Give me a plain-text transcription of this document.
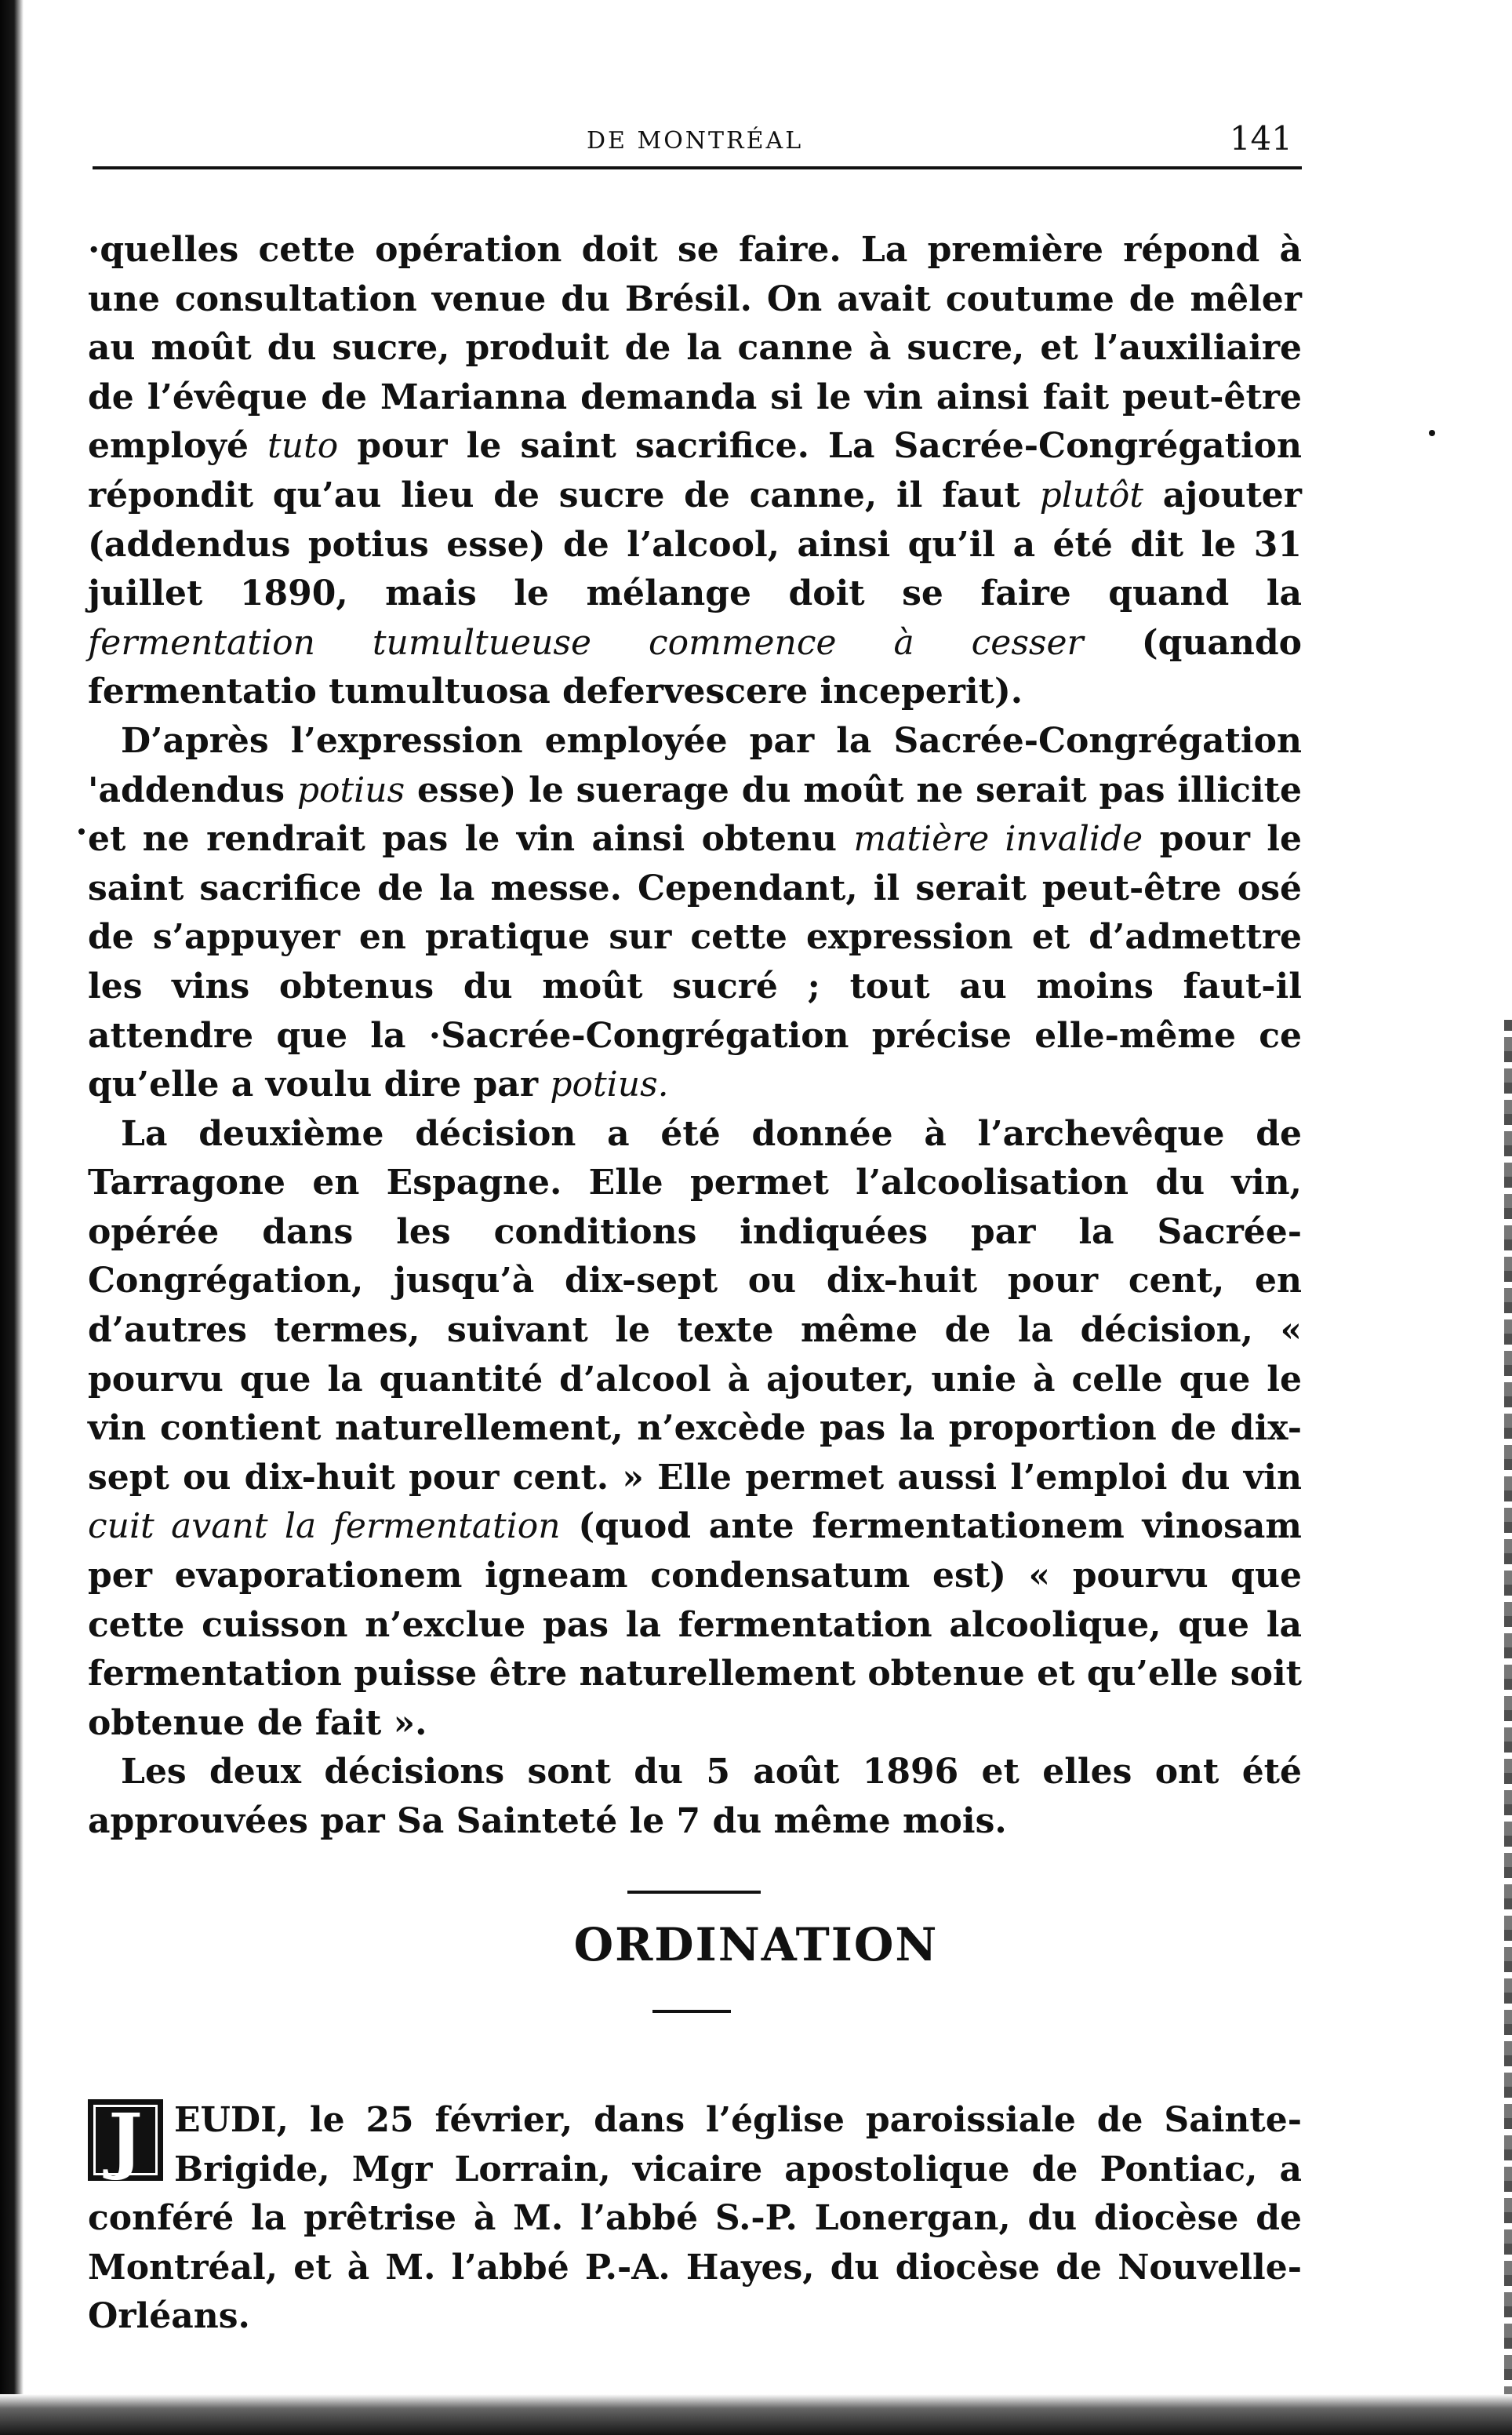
DE MONTRÉAL	141

·quelles cette opération doit se faire. La première répond à une consultation venue du Brésil. On avait coutume de mêler au moût du sucre, produit de la canne à sucre, et l’auxiliaire de l’évêque de Marianna demanda si le vin ainsi fait peut-être employé tuto pour le saint sacrifice. La Sacrée-Congrégation répondit qu’au lieu de sucre de canne, il faut plutôt ajouter (addendus potius esse) de l’alcool, ainsi qu’il a été dit le 31 juillet 1890, mais le mélange doit se faire quand la fermentation tumultueuse commence à cesser (quando fermentatio tumultuosa defervescere inceperit).

D’après l’expression employée par la Sacrée-Congrégation 'addendus potius esse) le suerage du moût ne serait pas illicite et ne rendrait pas le vin ainsi obtenu matière invalide pour le saint sacrifice de la messe. Cependant, il serait peut-être osé de s’appuyer en pratique sur cette expression et d’admettre les vins obtenus du moût sucré ; tout au moins faut-il attendre que la ·Sacrée-Congrégation précise elle-même ce qu’elle a voulu dire par potius.

La deuxième décision a été donnée à l’archevêque de Tarragone en Espagne. Elle permet l’alcoolisation du vin, opérée dans les conditions indiquées par la Sacrée-Congrégation, jusqu’à dix-sept ou dix-huit pour cent, en d’autres termes, suivant le texte même de la décision, « pourvu que la quantité d’alcool à ajouter, unie à celle que le vin contient naturellement, n’excède pas la proportion de dix-sept ou dix-huit pour cent. » Elle permet aussi l’emploi du vin cuit avant la fermentation (quod ante fermentationem vinosam per evaporationem igneam condensatum est) « pourvu que cette cuisson n’exclue pas la fermentation alcoolique, que la fermentation puisse être naturellement obtenue et qu’elle soit obtenue de fait ».

Les deux décisions sont du 5 août 1896 et elles ont été approuvées par Sa Sainteté le 7 du même mois.

ORDINATION

J EUDI, le 25 février, dans l’église paroissiale de Sainte-Brigide, Mgr Lorrain, vicaire apostolique de Pontiac, a conféré la prêtrise à M. l’abbé S.-P. Lonergan, du diocèse de Montréal, et à M. l’abbé P.-A. Hayes, du diocèse de Nouvelle-Orléans.
